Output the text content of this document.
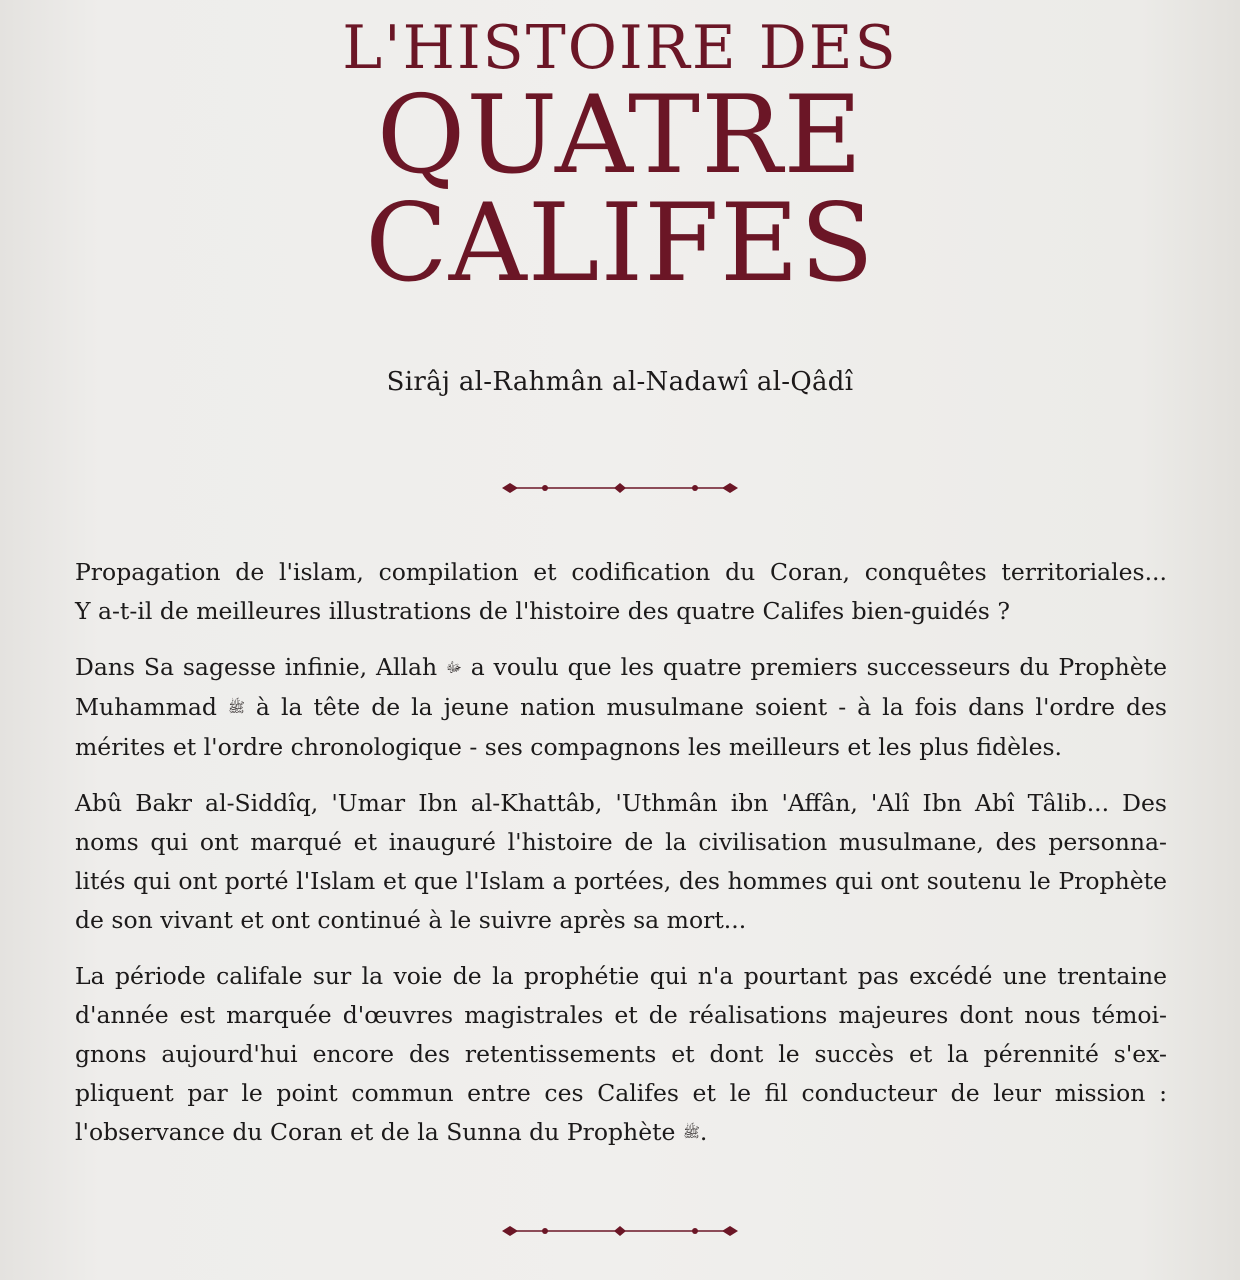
L'HISTOIRE DES
QUATRE
CALIFES
Sirâj al-Rahmân al-Nadawî al-Qâdî

Propagation de l'islam, compilation et codification du Coran, conquêtes territoriales...
Y a-t-il de meilleures illustrations de l'histoire des quatre Califes bien-guidés ?

Dans Sa sagesse infinie, Allah ﷻ a voulu que les quatre premiers successeurs du Prophète
Muhammad ﷺ à la tête de la jeune nation musulmane soient - à la fois dans l'ordre des
mérites et l'ordre chronologique - ses compagnons les meilleurs et les plus fidèles.

Abû Bakr al-Siddîq, 'Umar Ibn al-Khattâb, 'Uthmân ibn 'Affân, 'Alî Ibn Abî Tâlib... Des
noms qui ont marqué et inauguré l'histoire de la civilisation musulmane, des personna-
lités qui ont porté l'Islam et que l'Islam a portées, des hommes qui ont soutenu le Prophète
de son vivant et ont continué à le suivre après sa mort...

La période califale sur la voie de la prophétie qui n'a pourtant pas excédé une trentaine
d'année est marquée d'œuvres magistrales et de réalisations majeures dont nous témoi-
gnons aujourd'hui encore des retentissements et dont le succès et la pérennité s'ex-
pliquent par le point commun entre ces Califes et le fil conducteur de leur mission :
l'observance du Coran et de la Sunna du Prophète ﷺ.
